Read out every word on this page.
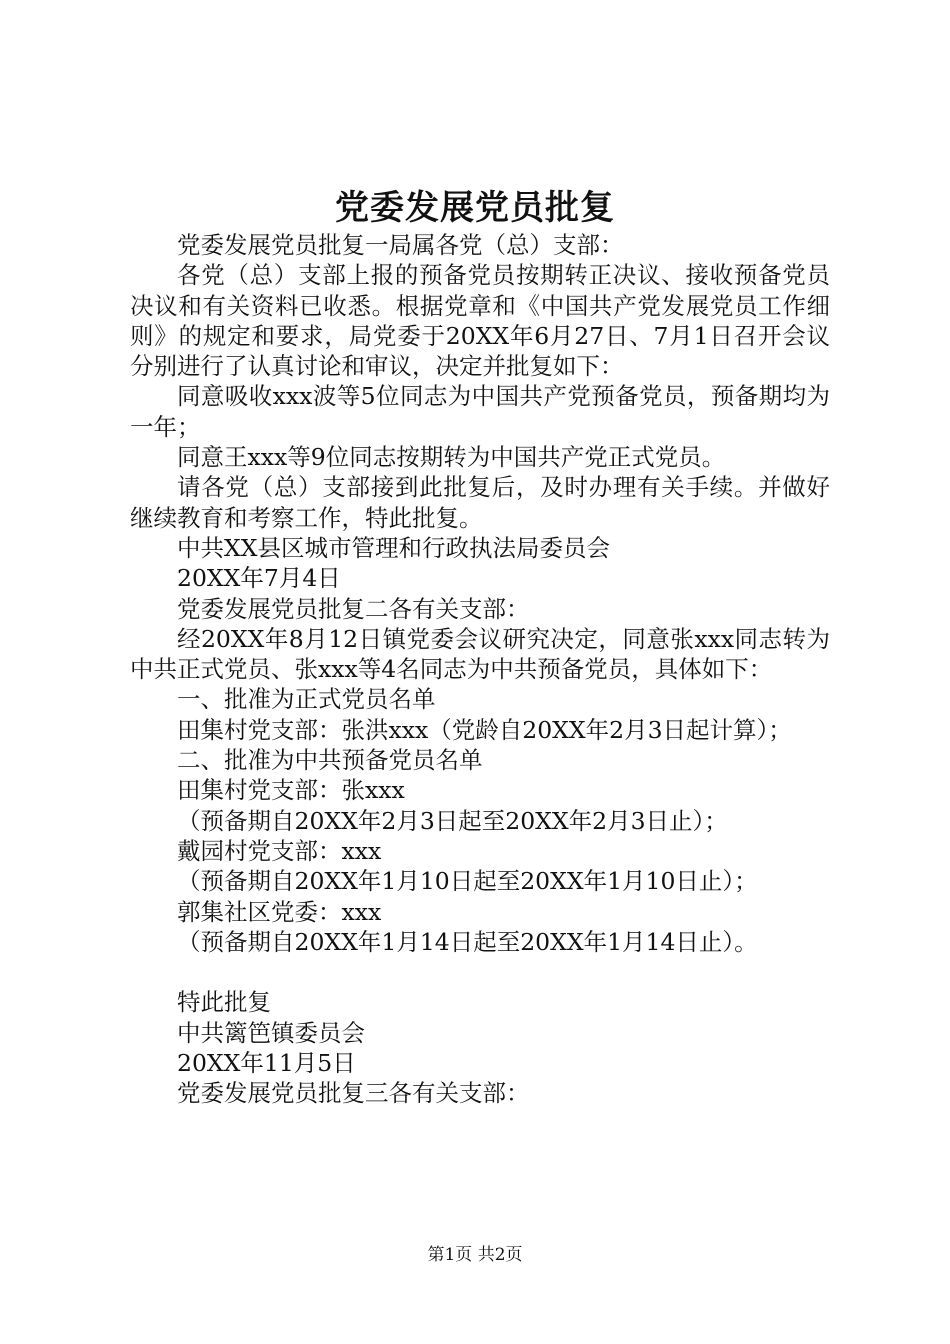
党委发展党员批复

党委发展党员批复一局属各党（总）支部：

各党（总）支部上报的预备党员按期转正决议、接收预备党员决议和有关资料已收悉。根据党章和《中国共产党发展党员工作细则》的规定和要求，局党委于20XX年6月27日、7月1日召开会议分别进行了认真讨论和审议，决定并批复如下：

同意吸收xxx波等5位同志为中国共产党预备党员，预备期均为一年；

同意王xxx等9位同志按期转为中国共产党正式党员。

请各党（总）支部接到此批复后，及时办理有关手续。并做好继续教育和考察工作，特此批复。

中共XX县区城市管理和行政执法局委员会

20XX年7月4日

党委发展党员批复二各有关支部：

经20XX年8月12日镇党委会议研究决定，同意张xxx同志转为中共正式党员、张xxx等4名同志为中共预备党员，具体如下：

一、批准为正式党员名单

田集村党支部：张洪xxx（党龄自20XX年2月3日起计算）；

二、批准为中共预备党员名单

田集村党支部：张xxx

（预备期自20XX年2月3日起至20XX年2月3日止）；

戴园村党支部：xxx

（预备期自20XX年1月10日起至20XX年1月10日止）；

郭集社区党委：xxx

（预备期自20XX年1月14日起至20XX年1月14日止）。

特此批复

中共篱笆镇委员会

20XX年11月5日

党委发展党员批复三各有关支部：

第1页 共2页
